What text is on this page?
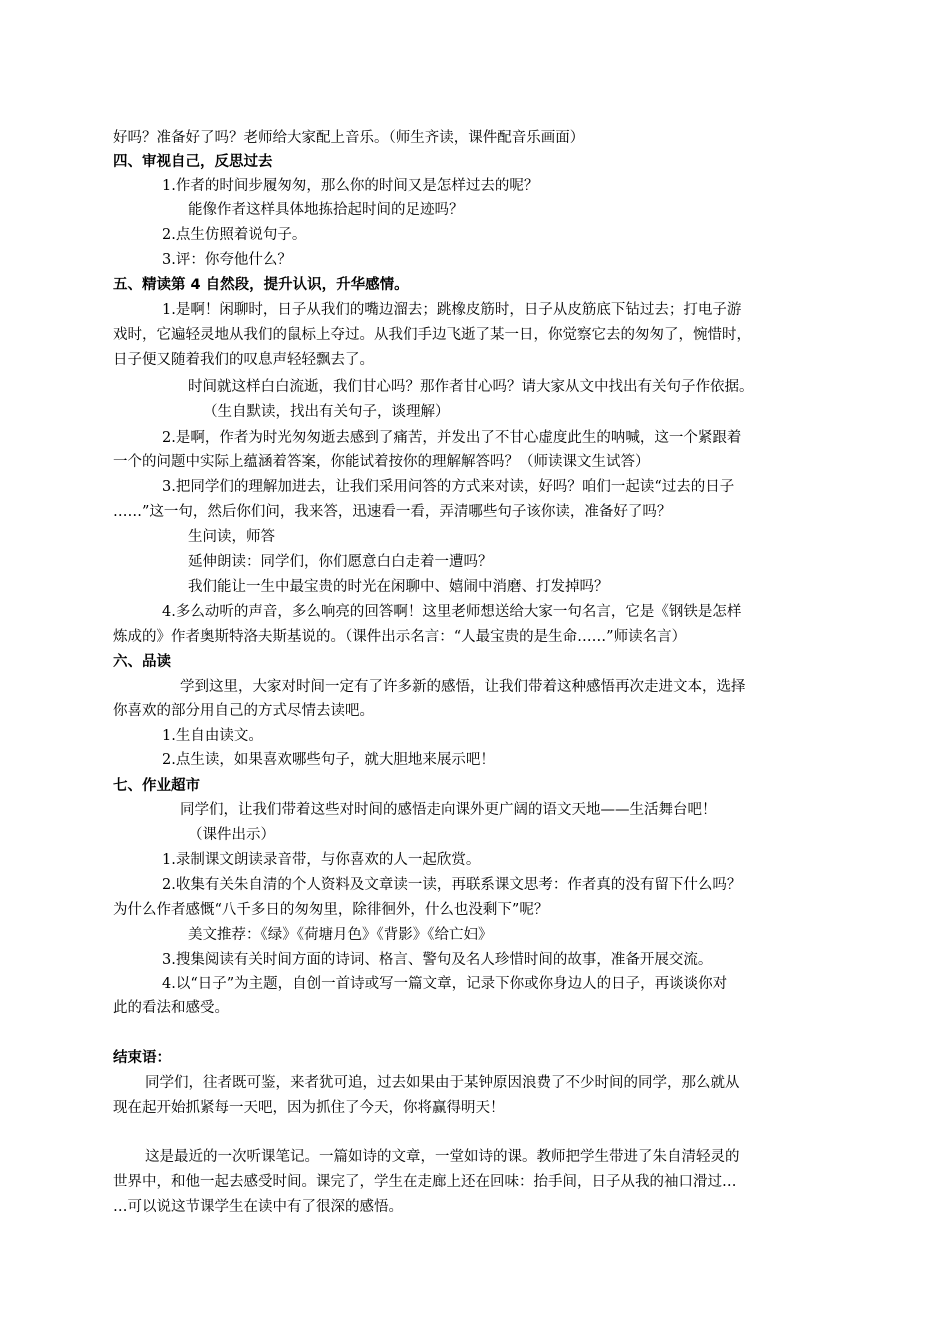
好吗？准备好了吗？老师给大家配上音乐。（师生齐读，课件配音乐画面）
四、审视自己，反思过去
1.作者的时间步履匆匆，那么你的时间又是怎样过去的呢？
能像作者这样具体地拣拾起时间的足迹吗？
2.点生仿照着说句子。
3.评：你夸他什么？
五、精读第 4 自然段，提升认识，升华感情。
1.是啊！闲聊时，日子从我们的嘴边溜去；跳橡皮筋时，日子从皮筋底下钻过去；打电子游
戏时，它遍轻灵地从我们的鼠标上夺过。从我们手边飞逝了某一日，你觉察它去的匆匆了，惋惜时，
日子便又随着我们的叹息声轻轻飘去了。
时间就这样白白流逝，我们甘心吗？那作者甘心吗？请大家从文中找出有关句子作依据。
（生自默读，找出有关句子，谈理解）
2.是啊，作者为时光匆匆逝去感到了痛苦，并发出了不甘心虚度此生的呐喊，这一个紧跟着
一个的问题中实际上蕴涵着答案，你能试着按你的理解解答吗？（师读课文生试答）
3.把同学们的理解加进去，让我们采用问答的方式来对读，好吗？咱们一起读“过去的日子
……”这一句，然后你们问，我来答，迅速看一看，弄清哪些句子该你读，准备好了吗？
生问读，师答
延伸朗读：同学们，你们愿意白白走着一遭吗？
我们能让一生中最宝贵的时光在闲聊中、嬉闹中消磨、打发掉吗？
4.多么动听的声音，多么响亮的回答啊！这里老师想送给大家一句名言，它是《钢铁是怎样
炼成的》作者奥斯特洛夫斯基说的。（课件出示名言：“人最宝贵的是生命……”师读名言）
六、品读
学到这里，大家对时间一定有了许多新的感悟，让我们带着这种感悟再次走进文本，选择
你喜欢的部分用自己的方式尽情去读吧。
1.生自由读文。
2.点生读，如果喜欢哪些句子，就大胆地来展示吧！
七、作业超市
同学们，让我们带着这些对时间的感悟走向课外更广阔的语文天地——生活舞台吧！
（课件出示）
1.录制课文朗读录音带，与你喜欢的人一起欣赏。
2.收集有关朱自清的个人资料及文章读一读，再联系课文思考：作者真的没有留下什么吗？
为什么作者感慨“八千多日的匆匆里，除徘徊外，什么也没剩下”呢？
美文推荐：《绿》《荷塘月色》《背影》《给亡妇》
3.搜集阅读有关时间方面的诗词、格言、警句及名人珍惜时间的故事，准备开展交流。
4.以“日子”为主题，自创一首诗或写一篇文章，记录下你或你身边人的日子，再谈谈你对
此的看法和感受。
结束语：
同学们，往者既可鉴，来者犹可追，过去如果由于某钟原因浪费了不少时间的同学，那么就从
现在起开始抓紧每一天吧，因为抓住了今天，你将赢得明天！
这是最近的一次听课笔记。一篇如诗的文章，一堂如诗的课。教师把学生带进了朱自清轻灵的
世界中，和他一起去感受时间。课完了，学生在走廊上还在回味：抬手间，日子从我的袖口滑过…
…可以说这节课学生在读中有了很深的感悟。
